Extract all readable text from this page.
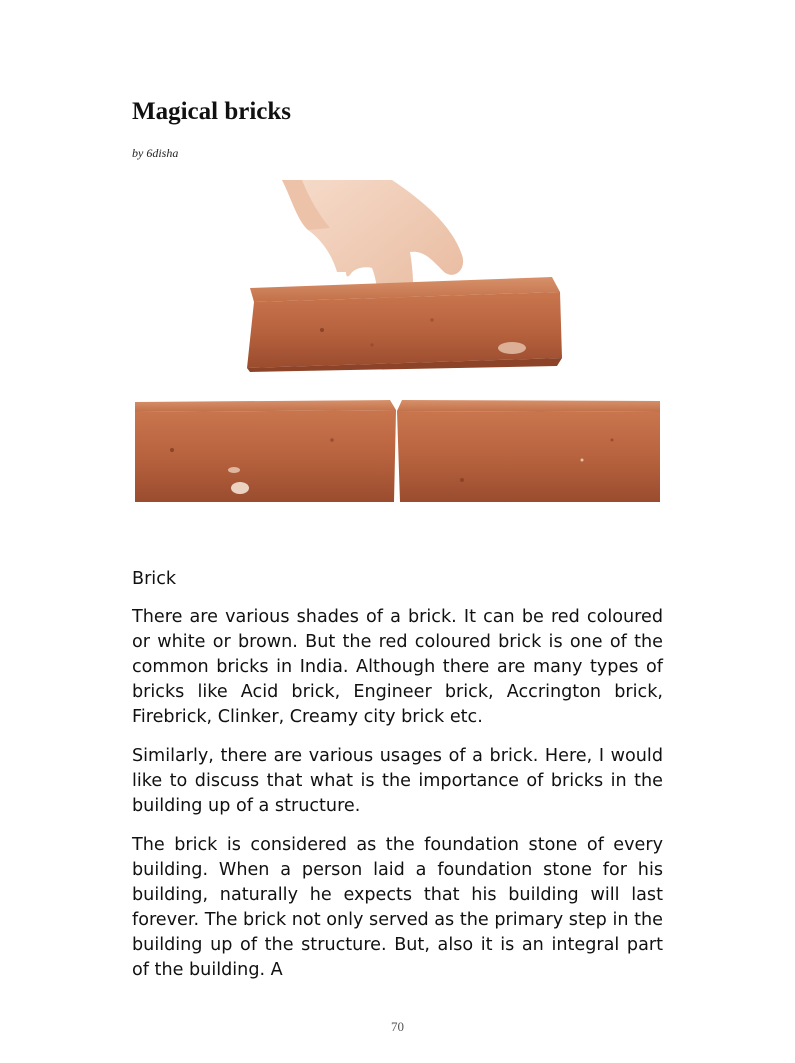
Magical bricks
by 6disha

Brick

There are various shades of a brick. It can be red coloured or white or brown. But the red coloured brick is one of the common bricks in India. Although there are many types of bricks like Acid brick, Engineer brick, Accrington brick, Firebrick, Clinker, Creamy city brick etc.

Similarly, there are various usages of a brick. Here, I would like to discuss that what is the importance of bricks in the building up of a structure.

The brick is considered as the foundation stone of every building. When a person laid a foundation stone for his building, naturally he expects that his building will last forever. The brick not only served as the primary step in the building up of the structure. But, also it is an integral part of the building. A

70
